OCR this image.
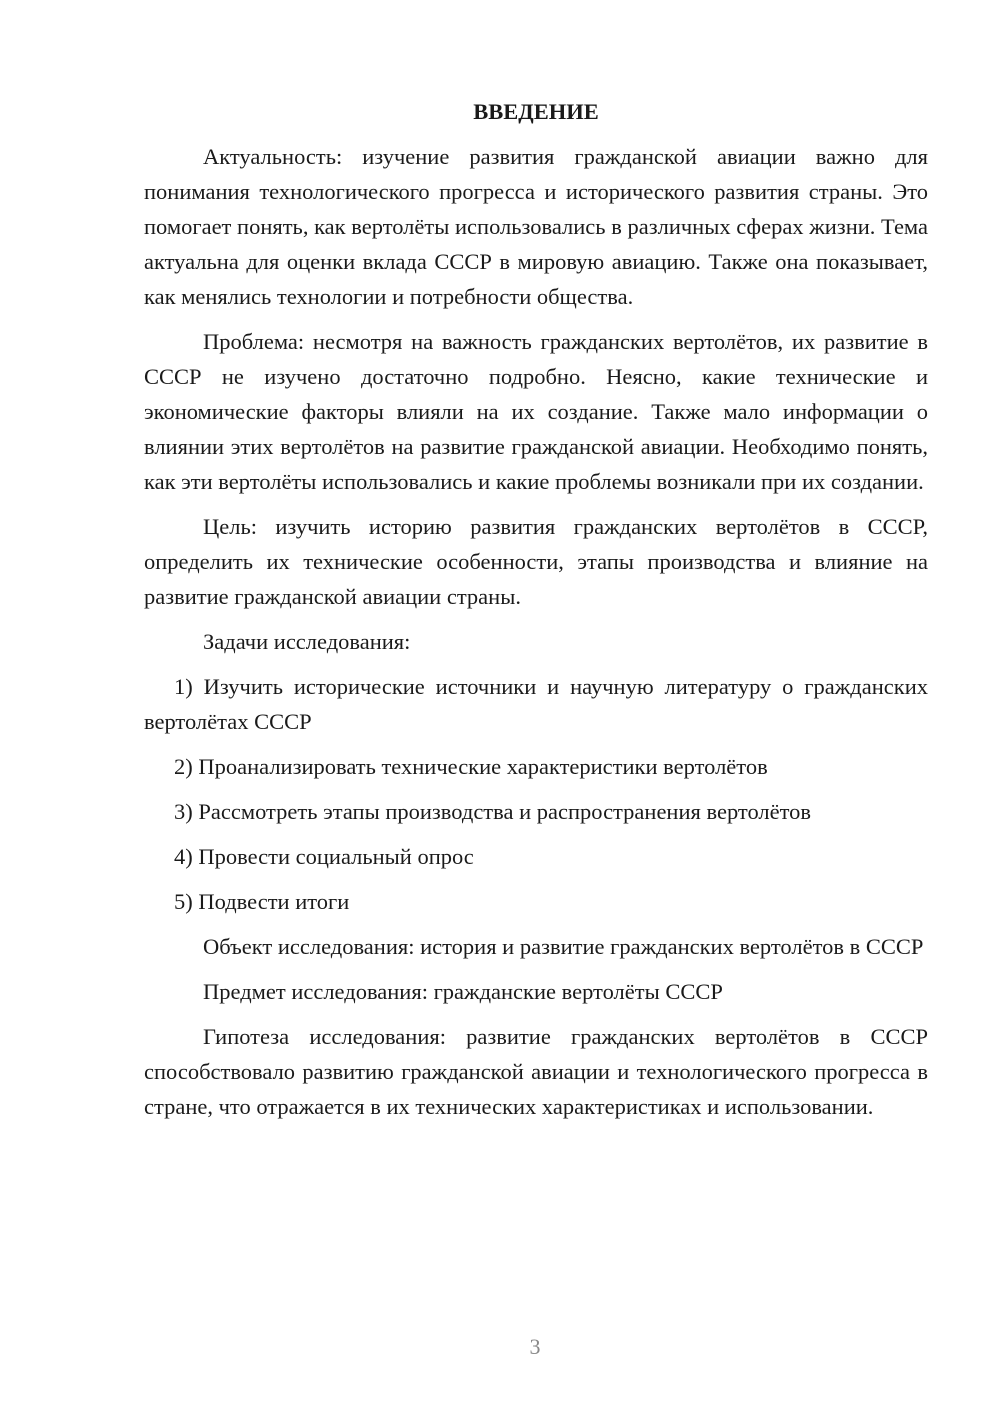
ВВЕДЕНИЕ

Актуальность: изучение развития гражданской авиации важно для понимания технологического прогресса и исторического развития страны. Это помогает понять, как вертолёты использовались в различных сферах жизни. Тема актуальна для оценки вклада СССР в мировую авиацию. Также она показывает, как менялись технологии и потребности общества.

Проблема: несмотря на важность гражданских вертолётов, их развитие в СССР не изучено достаточно подробно. Неясно, какие технические и экономические факторы влияли на их создание. Также мало информации о влиянии этих вертолётов на развитие гражданской авиации. Необходимо понять, как эти вертолёты использовались и какие проблемы возникали при их создании.

Цель: изучить историю развития гражданских вертолётов в СССР, определить их технические особенности, этапы производства и влияние на развитие гражданской авиации страны.

Задачи исследования:

1) Изучить исторические источники и научную литературу о гражданских вертолётах СССР

2) Проанализировать технические характеристики вертолётов

3) Рассмотреть этапы производства и распространения вертолётов

4) Провести социальный опрос

5) Подвести итоги

Объект исследования: история и развитие гражданских вертолётов в СССР

Предмет исследования: гражданские вертолёты СССР

Гипотеза исследования: развитие гражданских вертолётов в СССР способствовало развитию гражданской авиации и технологического прогресса в стране, что отражается в их технических характеристиках и использовании.

3
